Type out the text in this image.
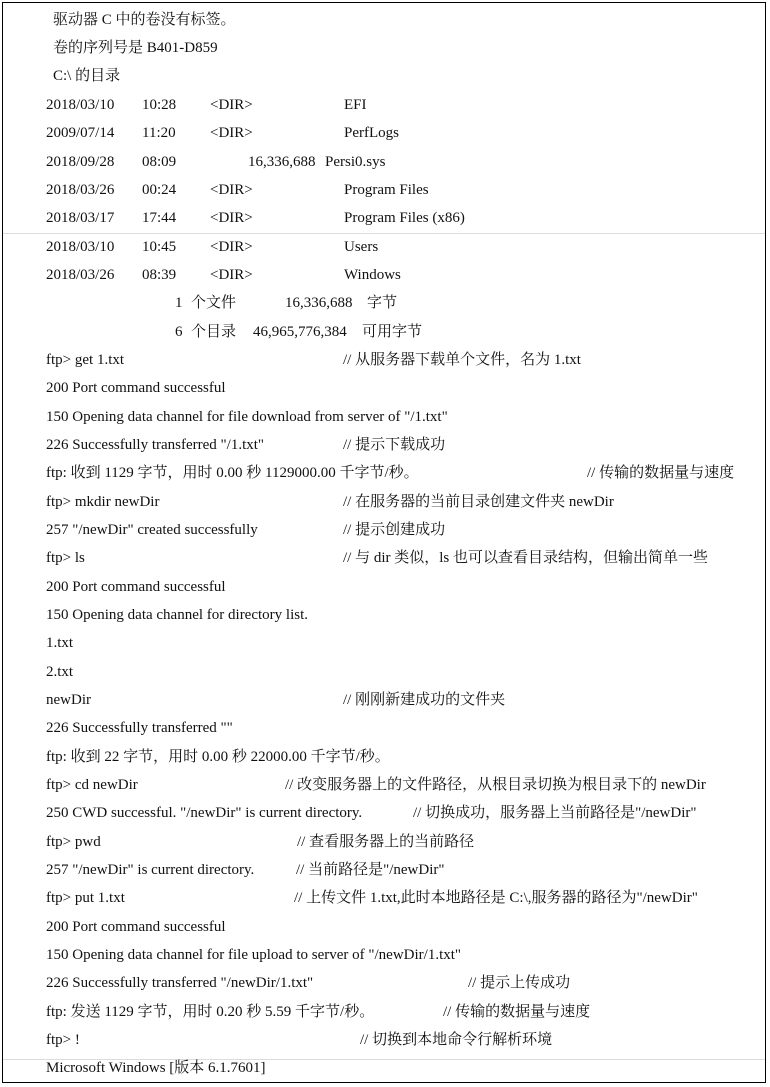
驱动器 C 中的卷没有标签。
卷的序列号是 B401-D859
C:\ 的目录
2018/03/10 10:28 <DIR>	EFI
2009/07/14 11:20 <DIR>	PerfLogs
2018/09/28 08:09	16,336,688 Persi0.sys
2018/03/26 00:24 <DIR>	Program Files
2018/03/17 17:44 <DIR>	Program Files (x86)
2018/03/10 10:45 <DIR>	Users
2018/03/26 08:39 <DIR>	Windows
1 个文件	16,336,688 字节
6 个目录 46,965,776,384 可用字节
ftp> get 1.txt	// 从服务器下载单个文件，名为 1.txt
200 Port command successful
150 Opening data channel for file download from server of "/1.txt"
226 Successfully transferred "/1.txt"	// 提示下载成功
ftp: 收到 1129 字节，用时 0.00 秒 1129000.00 千字节/秒。	// 传输的数据量与速度
ftp> mkdir newDir	// 在服务器的当前目录创建文件夹 newDir
257 "/newDir" created successfully	// 提示创建成功
ftp> ls	// 与 dir 类似，ls 也可以查看目录结构，但输出简单一些
200 Port command successful
150 Opening data channel for directory list.
1.txt
2.txt
newDir	// 刚刚新建成功的文件夹
226 Successfully transferred ""
ftp: 收到 22 字节，用时 0.00 秒 22000.00 千字节/秒。
ftp> cd newDir	// 改变服务器上的文件路径，从根目录切换为根目录下的 newDir
250 CWD successful. "/newDir" is current directory.	// 切换成功，服务器上当前路径是"/newDir"
ftp> pwd	// 查看服务器上的当前路径
257 "/newDir" is current directory.	// 当前路径是"/newDir"
ftp> put 1.txt	// 上传文件 1.txt,此时本地路径是 C:\,服务器的路径为"/newDir"
200 Port command successful
150 Opening data channel for file upload to server of "/newDir/1.txt"
226 Successfully transferred "/newDir/1.txt"	// 提示上传成功
ftp: 发送 1129 字节，用时 0.20 秒 5.59 千字节/秒。	// 传输的数据量与速度
ftp> !	// 切换到本地命令行解析环境
Microsoft Windows [版本 6.1.7601]
